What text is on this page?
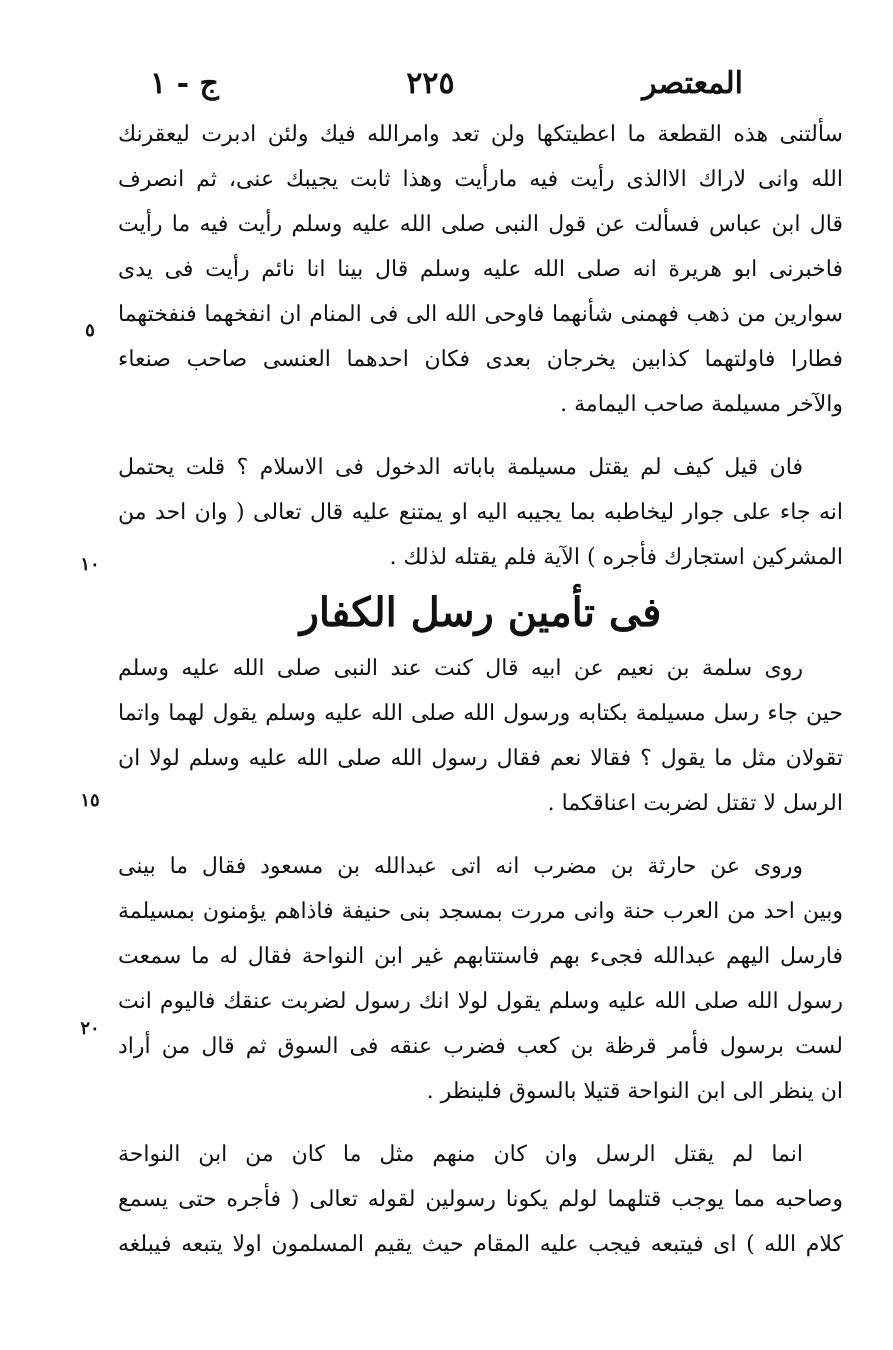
المعتصر
٢٢٥
ج - ١
٥
١٠
١٥
٢٠
سألتنى هذه القطعة ما اعطيتكها ولن تعد وامرالله فيك ولئن ادبرت ليعقرنك
الله وانى لاراك الاالذى رأيت فيه مارأيت وهذا ثابت يجيبك عنى، ثم انصرف
قال ابن عباس فسألت عن قول النبى صلى الله عليه وسلم رأيت فيه ما رأيت
فاخبرنى ابو هريرة انه صلى الله عليه وسلم قال بينا انا نائم رأيت فى يدى
سوارين من ذهب فهمنى شأنهما فاوحى الله الى فى المنام ان انفخهما فنفختهما
فطارا فاولتهما كذابين يخرجان بعدى فكان احدهما العنسى صاحب صنعاء
والآخر مسيلمة صاحب اليمامة .
فان قيل كيف لم يقتل مسيلمة باباته الدخول فى الاسلام ؟ قلت يحتمل
انه جاء على جوار ليخاطبه بما يجيبه اليه او يمتنع عليه قال تعالى ( وان احد من
المشركين استجارك فأجره ) الآية فلم يقتله لذلك .
فى تأمين رسل الكفار
روى سلمة بن نعيم عن ابيه قال كنت عند النبى صلى الله عليه وسلم
حين جاء رسل مسيلمة بكتابه ورسول الله صلى الله عليه وسلم يقول لهما واتما
تقولان مثل ما يقول ؟ فقالا نعم فقال رسول الله صلى الله عليه وسلم لولا ان
الرسل لا تقتل لضربت اعناقكما .
وروى عن حارثة بن مضرب انه اتى عبدالله بن مسعود فقال ما بينى
وبين احد من العرب حنة وانى مررت بمسجد بنى حنيفة فاذاهم يؤمنون بمسيلمة
فارسل اليهم عبدالله فجىء بهم فاستتابهم غير ابن النواحة فقال له ما سمعت
رسول الله صلى الله عليه وسلم يقول لولا انك رسول لضربت عنقك فاليوم انت
لست برسول فأمر قرظة بن كعب فضرب عنقه فى السوق ثم قال من أراد
ان ينظر الى ابن النواحة قتيلا بالسوق فلينظر .
انما لم يقتل الرسل وان كان منهم مثل ما كان من ابن النواحة
وصاحبه مما يوجب قتلهما لولم يكونا رسولين لقوله تعالى ( فأجره حتى يسمع
كلام الله ) اى فيتبعه فيجب عليه المقام حيث يقيم المسلمون اولا يتبعه فيبلغه
